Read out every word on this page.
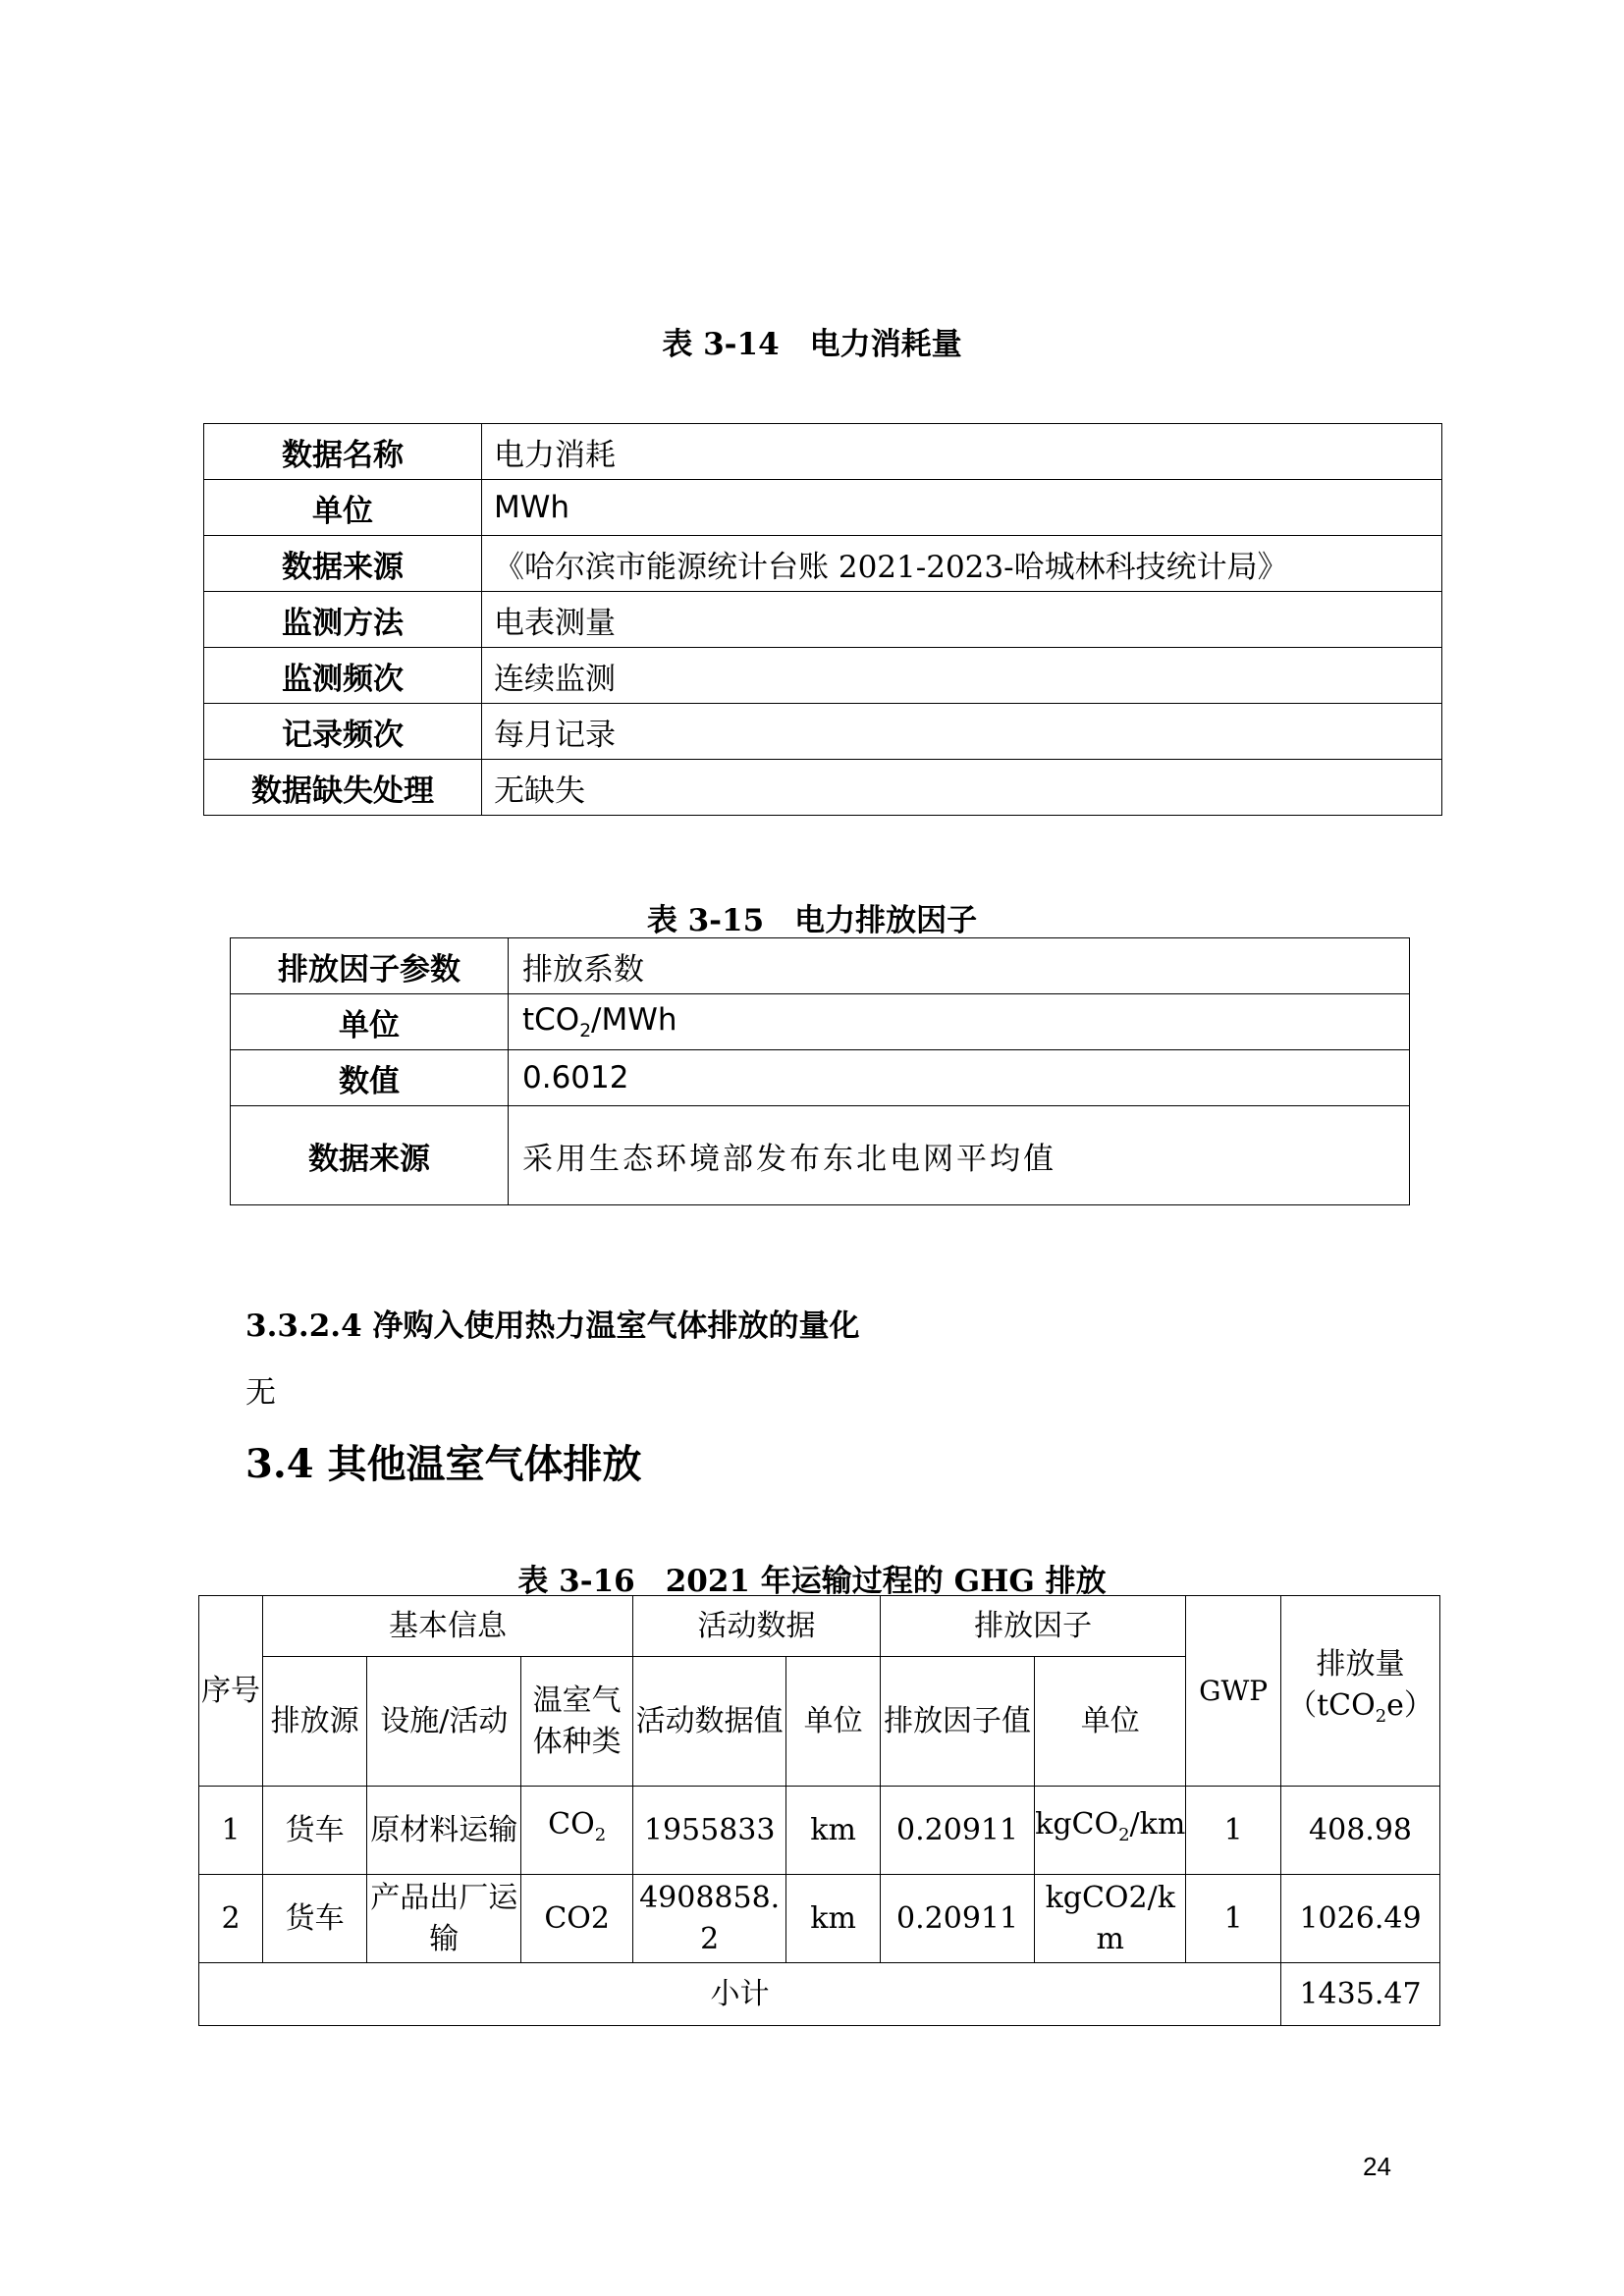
表 3-14　电力消耗量
数据名称	电力消耗
单位	MWh
数据来源	《哈尔滨市能源统计台账 2021-2023-哈城林科技统计局》
监测方法	电表测量
监测频次	连续监测
记录频次	每月记录
数据缺失处理	无缺失
表 3-15　电力排放因子
排放因子参数	排放系数
单位	tCO$_2$/MWh
数值	0.6012
数据来源	采用生态环境部发布东北电网平均值
3.3.2.4 净购入使用热力温室气体排放的量化
无
3.4 其他温室气体排放
表 3-16　2021 年运输过程的 GHG 排放
序号	基本信息			活动数据		排放因子		GWP	排放量（tCO$_2$e）
	排放源	设施/活动	温室气体种类	活动数据值	单位	排放因子值	单位		
1	货车	原材料运输	$CO_2$	1955833	km	0.20911	kgCO$_2$/km	1	408.98
2	货车	产品出厂运输	CO2	4908858.2	km	0.20911	kgCO2/km	1	1026.49
小计									1435.47
24
